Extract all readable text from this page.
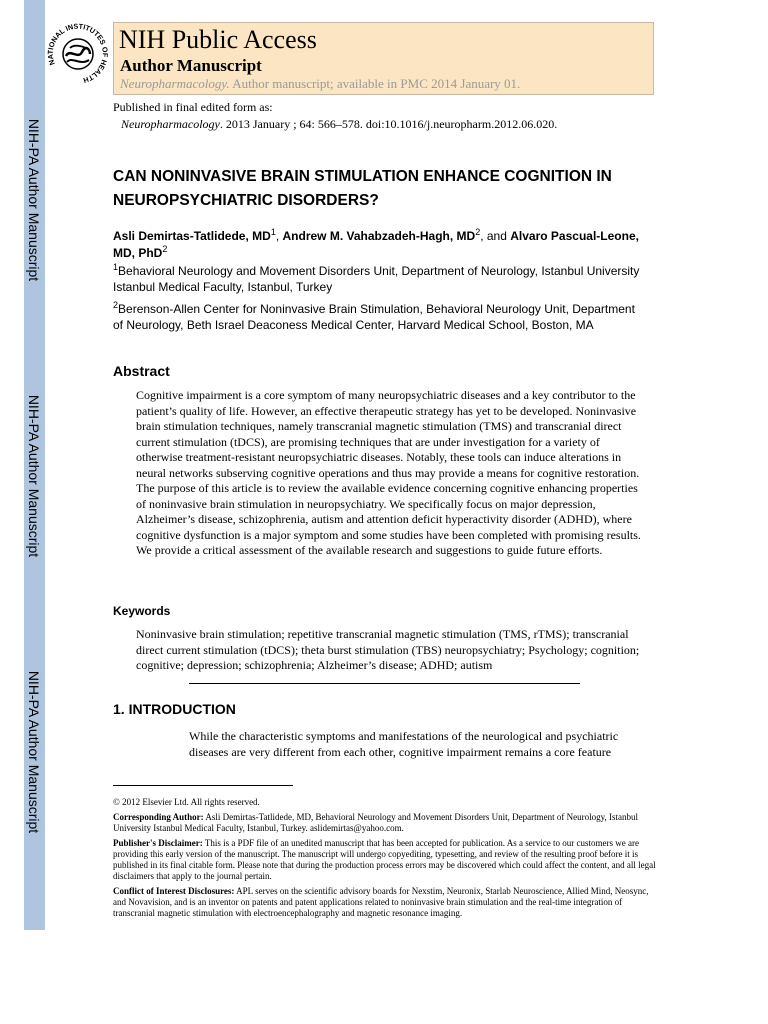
NIH-PA Author Manuscript
NIH-PA Author Manuscript
NIH-PA Author Manuscript
NATIONAL INSTITUTES OF HEALTH
NIH Public Access
Author Manuscript
Neuropharmacology. Author manuscript; available in PMC 2014 January 01.
Published in final edited form as:
Neuropharmacology. 2013 January ; 64: 566–578. doi:10.1016/j.neuropharm.2012.06.020.
CAN NONINVASIVE BRAIN STIMULATION ENHANCE COGNITION IN NEUROPSYCHIATRIC DISORDERS?
Asli Demirtas-Tatlidede, $MD^1$, Andrew M. Vahabzadeh-Hagh, $MD^2$, and Alvaro Pascual-Leone, MD, PhD$^2$
$^1$Behavioral Neurology and Movement Disorders Unit, Department of Neurology, Istanbul University Istanbul Medical Faculty, Istanbul, Turkey
$^2$Berenson-Allen Center for Noninvasive Brain Stimulation, Behavioral Neurology Unit, Department of Neurology, Beth Israel Deaconess Medical Center, Harvard Medical School, Boston, MA
Abstract
Cognitive impairment is a core symptom of many neuropsychiatric diseases and a key contributor to the patient’s quality of life. However, an effective therapeutic strategy has yet to be developed. Noninvasive brain stimulation techniques, namely transcranial magnetic stimulation (TMS) and transcranial direct current stimulation (tDCS), are promising techniques that are under investigation for a variety of otherwise treatment-resistant neuropsychiatric diseases. Notably, these tools can induce alterations in neural networks subserving cognitive operations and thus may provide a means for cognitive restoration. The purpose of this article is to review the available evidence concerning cognitive enhancing properties of noninvasive brain stimulation in neuropsychiatry. We specifically focus on major depression, Alzheimer’s disease, schizophrenia, autism and attention deficit hyperactivity disorder (ADHD), where cognitive dysfunction is a major symptom and some studies have been completed with promising results. We provide a critical assessment of the available research and suggestions to guide future efforts.
Keywords
Noninvasive brain stimulation; repetitive transcranial magnetic stimulation (TMS, rTMS); transcranial direct current stimulation (tDCS); theta burst stimulation (TBS) neuropsychiatry; Psychology; cognition; cognitive; depression; schizophrenia; Alzheimer’s disease; ADHD; autism
1. INTRODUCTION
While the characteristic symptoms and manifestations of the neurological and psychiatric diseases are very different from each other, cognitive impairment remains a core feature

© 2012 Elsevier Ltd. All rights reserved.

Corresponding Author: Asli Demirtas-Tatlidede, MD, Behavioral Neurology and Movement Disorders Unit, Department of Neurology, Istanbul University Istanbul Medical Faculty, Istanbul, Turkey. aslidemirtas@yahoo.com.

Publisher's Disclaimer: This is a PDF file of an unedited manuscript that has been accepted for publication. As a service to our customers we are providing this early version of the manuscript. The manuscript will undergo copyediting, typesetting, and review of the resulting proof before it is published in its final citable form. Please note that during the production process errors may be discovered which could affect the content, and all legal disclaimers that apply to the journal pertain.

Conflict of Interest Disclosures: APL serves on the scientific advisory boards for Nexstim, Neuronix, Starlab Neuroscience, Allied Mind, Neosync, and Novavision, and is an inventor on patents and patent applications related to noninvasive brain stimulation and the real-time integration of transcranial magnetic stimulation with electroencephalography and magnetic resonance imaging.
